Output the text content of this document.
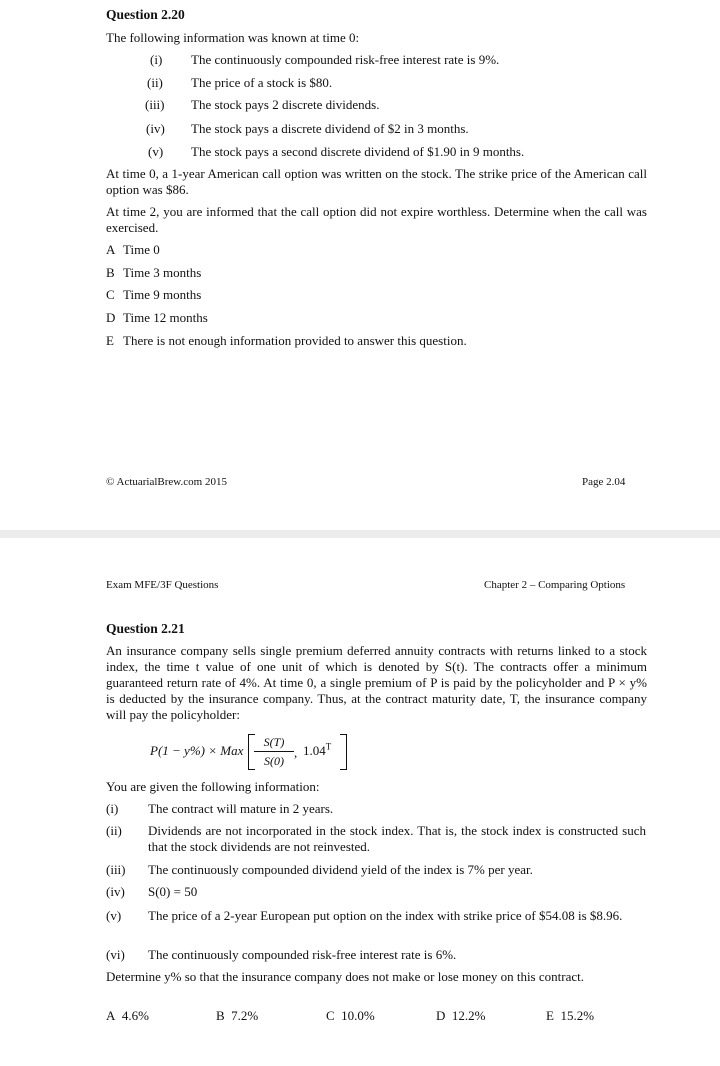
Question 2.20
The following information was known at time 0:
(i) The continuously compounded risk-free interest rate is 9%.
(ii) The price of a stock is $80.
(iii) The stock pays 2 discrete dividends.
(iv) The stock pays a discrete dividend of $2 in 3 months.
(v) The stock pays a second discrete dividend of $1.90 in 9 months.
At time 0, a 1-year American call option was written on the stock. The strike price of the American call option was $86.
At time 2, you are informed that the call option did not expire worthless. Determine when the call was exercised.
A Time 0
B Time 3 months
C Time 9 months
D Time 12 months
E There is not enough information provided to answer this question.
© ActuarialBrew.com 2015	Page 2.04
Exam MFE/3F Questions	Chapter 2 – Comparing Options
Question 2.21
An insurance company sells single premium deferred annuity contracts with returns linked to a stock index, the time t value of one unit of which is denoted by S(t). The contracts offer a minimum guaranteed return rate of 4%. At time 0, a single premium of P is paid by the policyholder and P × y% is deducted by the insurance company. Thus, at the contract maturity date, T, the insurance company will pay the policyholder:
P(1 − y%) × Max
S(T)
S(0)
, $1.04^T$
You are given the following information:
(i) The contract will mature in 2 years.
(ii) Dividends are not incorporated in the stock index. That is, the stock index is constructed such that the stock dividends are not reinvested.
(iii) The continuously compounded dividend yield of the index is 7% per year.
(iv) S(0) = 50
(v) The price of a 2-year European put option on the index with strike price of $54.08 is $8.96.
(vi) The continuously compounded risk-free interest rate is 6%.
Determine y% so that the insurance company does not make or lose money on this contract.
A 4.6%	B 7.2%	C 10.0%	D 12.2%	E 15.2%
